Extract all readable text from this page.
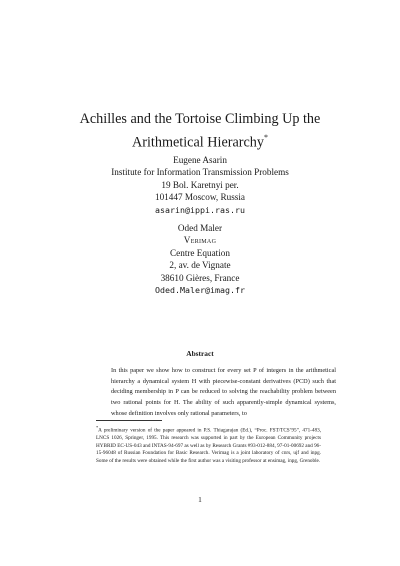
Achilles and the Tortoise Climbing Up the
Arithmetical Hierarchy*
Eugene Asarin
Institute for Information Transmission Problems
19 Bol. Karetnyi per.
101447 Moscow, Russia
asarin@ippi.ras.ru
Oded Maler
Verimag
Centre Equation
2, av. de Vignate
38610 Gières, France
Oded.Maler@imag.fr
Abstract
In this paper we show how to construct for every set P of integers in the arithmetical hierarchy a dynamical system H with piecewise-constant derivatives (PCD) such that deciding membership in P can be reduced to solving the reachability problem between two rational points for H. The ability of such apparently-simple dynamical systems, whose definition involves only rational parameters, to
*A preliminary version of the paper appeared in P.S. Thiagarajan (Ed.), “Proc. FST/TCS’95”, 471-483, LNCS 1026, Springer, 1995. This research was supported in part by the European Community projects HYBRID EC-US-043 and INTAS-94-697 as well as by Research Grants #93-012-884, 97-01-00692 and 96-15-96048 of Russian Foundation for Basic Research. Verimag is a joint laboratory of cnrs, ujf and inpg. Some of the results were obtained while the first author was a visiting professor at ensimag, inpg, Grenoble.
1
